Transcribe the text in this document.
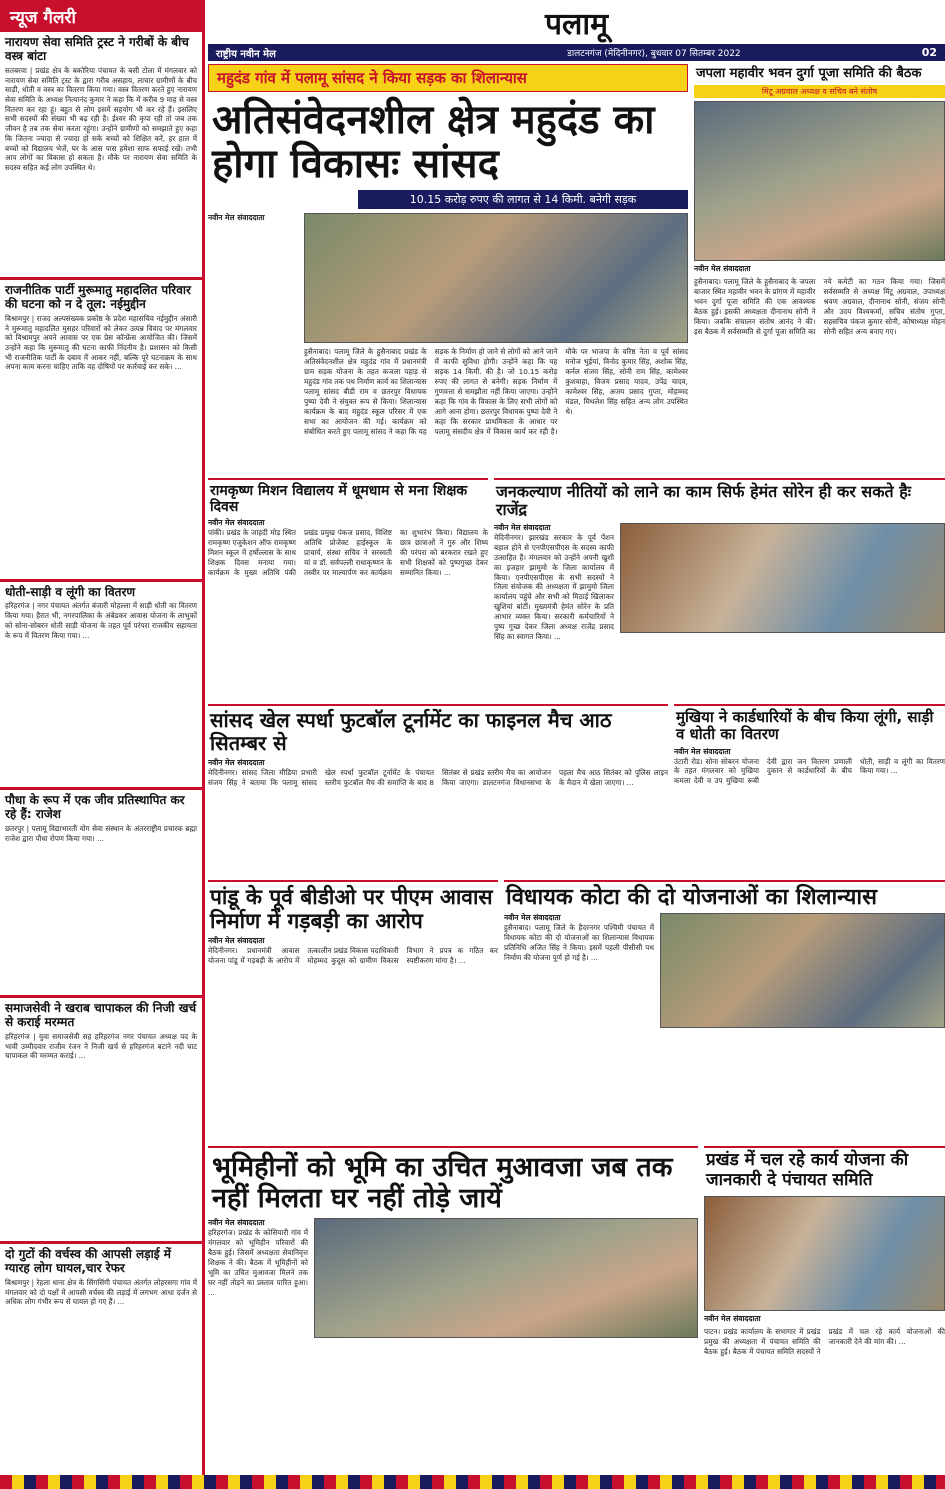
न्यूज गैलरी
नारायण सेवा समिति ट्रस्ट ने गरीबों के बीच वस्त्र बांटा

सतबरवा | प्रखंड क्षेत्र के बकोरिया पंचायत के बसी टोला में मंगलवार को नारायण सेवा समिति ट्रस्ट के द्वारा गरीब असहाय, लाचार ग्रामीणों के बीच साड़ी, धोती व वस्त्र का वितरण किया गया। वस्त्र वितरण करते हुए नारायण सेवा समिति के अध्यक्ष नित्यानंद कुमार ने कहा कि में करीब 9 माह से वस्त्र वितरण कर रहा हूं। बहुत से लोग इसमें सहयोग भी कर रहे हैं। इसलिए सभी सदस्यों की संख्या भी बढ़ रही है। ईश्वर की कृपा रही तो जब तक जीवन है तब तक सेवा करता रहूंगा। उन्होंने ग्रामीणों को समझाते हुए कहा कि जितना ज्यादा से ज्यादा हो सके बच्चों को शिक्षित करें, हर हाल में बच्चों को विद्यालय भेजें, घर के आस पास हमेशा साफ सफाई रखें। तभी आप लोगों का विकास हो सकता है। मौके पर नारायण सेवा समिति के सदस्य सहित कई लोग उपस्थित थे।

राजनीतिक पार्टी मुरूमातु महादलित परिवार की घटना को न दे तूल: नईमुद्दीन

बिश्रामपुर | राजद अल्पसंख्यक प्रकोष्ठ के प्रदेश महासचिव नईमुद्दीन अंसारी ने मुरूमातु महादलित मुसहर परिवारों को लेकर उत्पन्न विवाद पर मंगलवार को विश्रामपुर अपने आवास पर एक प्रेस कॉन्फ्रेंस आयोजित की। जिसमें उन्होंने कहा कि मुरूमातु की घटना काफी निंदनीय है। प्रशासन को किसी भी राजनीतिक पार्टी के दबाव में आकर नहीं, बल्कि पूरे घटनाक्रम के साथ अपना काम करना चाहिए ताकि वह दोषियों पर कार्रवाई कर सके। ...

धोती-साड़ी व लूंगी का वितरण

हरिहरगंज | नगर पंचायत अंतर्गत बंजारी मोहल्ला में साड़ी धोती का वितरण किया गया। हैरात भी, नगरपालिका के अंबेडकर आवास योजना के लाभुकों को सोना-सोबरन धोती साड़ी योजना के तहत पूर्व परंपरा राजकीय सहायता के रूप में वितरण किया गया। ...

पौधा के रूप में एक जीव प्रतिस्थापित कर रहे हैं: राजेश

छतरपुर | पलामू विद्याभारती योग सेवा संस्थान के अंतरराष्ट्रीय प्रचारक ब्रह्मा राजेश द्वारा पौधा रोपण किया गया। ...

समाजसेवी ने खराब चापाकल की निजी खर्च से कराई मरम्मत

हरिहरगंज | युवा समाजसेवी सह हरिहरगंज नगर पंचायत अध्यक्ष पद के भावी उम्मीदवार राजीव रंजन ने निजी खर्च से हरिहरगंज बटाने नदी घाट चापाकल की मरम्मत कराई। ...

दो गुटों की वर्चस्व की आपसी लड़ाई में ग्यारह लोग घायल,चार रेफर

बिश्रामपुर | रेहला थाना क्षेत्र के सिंगसिंगी पंचायत अंतर्गत लोहरसगा गांव में मंगलवार को दो पक्षों में आपसी वर्चस्व की लड़ाई में लगभग आधा दर्जन से अधिक लोग गंभीर रूप से घायल हो गए हैं। ...

पलामू
राष्ट्रीय नवीन मेल	डालटनगंज (मेदिनीनगर), बुधवार 07 सितम्बर 2022	02
महुदंड गांव में पलामू सांसद ने किया सड़क का शिलान्यास
अतिसंवेदनशील क्षेत्र महुदंड का होगा विकासः सांसद
10.15 करोड़ रुपए की लागत से 14 किमी. बनेगी सड़क
नवीन मेल संवाददाता
हुसैनाबाद। पलामू जिले के हुसैनाबाद प्रखंड के अतिसंवेदनशील क्षेत्र महुदंड गांव में प्रधानमंत्री ग्राम सड़क योजना के तहत कजला पहाड़ से महुदंड गांव तक पथ निर्माण कार्य का शिलान्यास पलामू सांसद बीडी राम व छतरपुर विधायक पुष्पा देवी ने संयुक्त रूप से किया। शिलान्यास कार्यक्रम के बाद महुदंड स्कूल परिसर में एक सभा का आयोजन की गई। कार्यक्रम को संबोधित करते हुए पलामू सांसद ने कहा कि यह सड़क के निर्माण हो जाने से लोगों को आने जाने में काफी सुविधा होगी। उन्होंने कहा कि यह सड़क 14 किमी. की है। जो 10.15 करोड़ रुपए की लागत से बनेगी। सड़क निर्माण में गुणवत्ता से समझौता नहीं किया जाएगा। उन्होंने कहा कि गांव के विकास के लिए सभी लोगों को आगे आना होगा। छतरपुर विधायक पुष्पा देवी ने कहा कि सरकार प्राथमिकता के आधार पर पलामू संसदीय क्षेत्र में विकास कार्य कर रही है। मौके पर भाजपा के वरिष्ठ नेता व पूर्व सांसद मनोज भुईयां, विनोद कुमार सिंह, अशोक सिंह, कर्नल संजय सिंह, सोनी राम सिंह, कामेश्वर कुशवाहा, विजय प्रसाद यादव, उपेंद्र यादव, कामेश्वर सिंह, अजय प्रसाद गुप्ता, मोहम्मद मंडल, मिथलेश सिंह सहित अन्य लोग उपस्थित थे।
जपला महावीर भवन दुर्गा पूजा समिति की बैठक
मिंटू अग्रवाल अध्यक्ष व सचिव बने संतोष
नवीन मेल संवाददाता
हुसैनाबाद। पलामू जिले के हुसैनाबाद के जपला बाजार स्थित महावीर भवन के प्रांगण में महावीर भवन दुर्गा पूजा समिति की एक आवश्यक बैठक हुई। इसकी अध्यक्षता दीनानाथ सोनी ने किया। जबकि संचालन संतोष आनंद ने की। इस बैठक में सर्वसम्मति से दुर्गा पूजा समिति का नये कमेटी का गठन किया गया। जिसमें सर्वसम्मति से अध्यक्ष मिंटू अग्रवाल, उपाध्यक्ष श्रवण अग्रवाल, दीनानाथ सोनी, संजय सोनी और उदय विश्वकर्मा, सचिव संतोष गुप्ता, सहसचिव पंकज कुमार सोनी, कोषाध्यक्ष मोहन सोनी सहित अन्य बनाए गए।
रामकृष्ण मिशन विद्यालय में धूमधाम से मना शिक्षक दिवस
नवीन मेल संवाददाता
पांकी। प्रखंड के जाहदी मोड़ स्थित रामकृष्ण एजुकेशन ऑफ रामकृष्ण मिशन स्कूल में हर्षोल्लास के साथ शिक्षक दिवस मनाया गया। कार्यक्रम के मुख्य अतिथि पंकी प्रखंड प्रमुख पंकज प्रसाद, विशिष्ट अतिथि प्रोजेक्ट हाईस्कूल के प्राचार्य, संस्था सचिव ने सरस्वती मां व डॉ. सर्वपल्ली राधाकृष्णन के तस्वीर पर माल्यार्पण कर कार्यक्रम का शुभारंभ किया। विद्यालय के छात्र छात्राओं ने गुरु और शिष्य की परंपरा को बरकरार रखते हुए सभी शिक्षकों को पुष्पगुच्छ देकर सम्मानित किया। ...
जनकल्याण नीतियों को लाने का काम सिर्फ हेमंत सोरेन ही कर सकते हैः राजेंद्र
नवीन मेल संवाददाता
मेदिनीनगर। झारखंड सरकार के पूर्व पेंशन बहाल होने से एनपीएसपीएस के सदस्य काफी उत्साहित हैं। मंगलवार को उन्होंने अपनी खुशी का इजहार झामुमो के जिला कार्यालय में किया। एनपीएसपीएस के सभी सदस्यों ने जिला संयोजक की अध्यक्षता में झामुमो जिला कार्यालय पहुंचे और सभी को मिठाई खिलाकर खुशियां बांटीं। मुख्यमंत्री हेमंत सोरेन के प्रति आभार व्यक्त किया। सरकारी कर्मचारियों ने पुष्प गुच्छ देकर जिला अध्यक्ष राजेंद्र प्रसाद सिंह का स्वागत किया। ...
सांसद खेल स्पर्धा फुटबॉल टूर्नामेंट का फाइनल मैच आठ सितम्बर से
नवीन मेल संवाददाता
मेदिनीनगर। सांसद जिला मीडिया प्रभारी संजय सिंह ने बताया कि पलामू सांसद खेल स्पर्धा फुटबॉल टूर्नामेंट के पंचायत स्तरीय फुटबॉल मैच की समाप्ति के बाद 8 सितंबर से प्रखंड स्तरीय मैच का आयोजन किया जाएगा। डालटनगंज विधानसभा के पहला मैच आठ सितंबर को पुलिस लाइन के मैदान में खेला जाएगा। ...
मुखिया ने कार्डधारियों के बीच किया लूंगी, साड़ी व धोती का वितरण
नवीन मेल संवाददाता
उंटारी रोड। सोना सोबरन योजना के तहत मंगलवार को मुखिया कमला देवी व उप मुखिया रूबी देवी द्वारा जन वितरण प्रणाली दुकान से कार्डधारियों के बीच धोती, साड़ी व लूंगी का वितरण किया गया। ...
पांडू के पूर्व बीडीओ पर पीएम आवास निर्माण में गड़बड़ी का आरोप
नवीन मेल संवाददाता
मेदिनीनगर। प्रधानमंत्री आवास योजना पांडू में गड़बड़ी के आरोप में तत्कालीन प्रखंड विकास पदाधिकारी मोहम्मद कुदूस को ग्रामीण विकास विभाग ने प्रपत्र क गठित कर स्पष्टीकरण मांगा है। ...
विधायक कोटा की दो योजनाओं का शिलान्यास
नवीन मेल संवाददाता
हुसैनाबाद। पलामू जिले के हैदरनगर पश्चिमी पंचायत में विधायक कोटा की दो योजनाओं का शिलान्यास विधायक प्रतिनिधि अजित सिंह ने किया। इसमें पहली पीसीसी पथ निर्माण की योजना पूर्ण हो गई है। ...
भूमिहीनों को भूमि का उचित मुआवजा जब तक नहीं मिलता घर नहीं तोड़े जायें
नवीन मेल संवाददाता
हरिहरगंज। प्रखंड के कोसियारी गांव में मंगलवार को भूमिहीन परिवारों की बैठक हुई। जिसमें अध्यक्षता सेवानिवृत्त शिक्षक ने की। बैठक में भूमिहीनों को भूमि का उचित मुआवजा मिलने तक घर नहीं तोड़ने का प्रस्ताव पारित हुआ। ...
प्रखंड में चल रहे कार्य योजना की जानकारी दे पंचायत समिति
नवीन मेल संवाददाता
पाटन। प्रखंड कार्यालय के सभागार में प्रखंड प्रमुख की अध्यक्षता में पंचायत समिति की बैठक हुई। बैठक में पंचायत समिति सदस्यों ने प्रखंड में चल रहे कार्य योजनाओं की जानकारी देने की मांग की। ...
